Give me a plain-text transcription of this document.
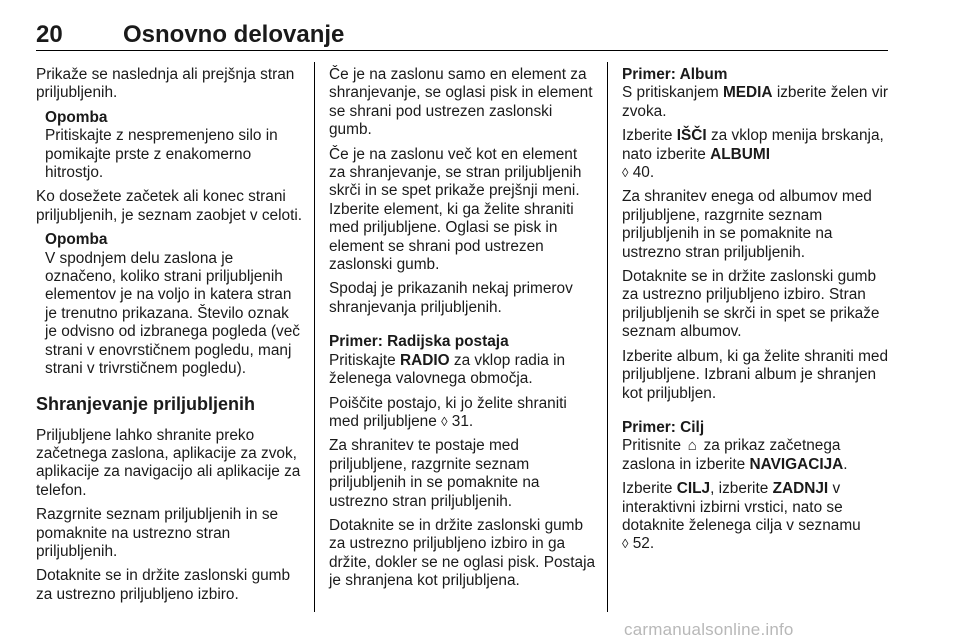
20	Osnovno delovanje

Prikaže se naslednja ali prejšnja stran priljubljenih.

Opomba
Pritiskajte z nespremenjeno silo in pomikajte prste z enakomerno hitrostjo.

Ko dosežete začetek ali konec strani priljubljenih, je seznam zaobjet v celoti.

Opomba
V spodnjem delu zaslona je označeno, koliko strani priljubljenih elementov je na voljo in katera stran je trenutno prikazana. Število oznak je odvisno od izbranega pogleda (več strani v enovrstičnem pogledu, manj strani v trivrstičnem pogledu).
Shranjevanje priljubljenih

Priljubljene lahko shranite preko začetnega zaslona, aplikacije za zvok, aplikacije za navigacijo ali aplikacije za telefon.

Razgrnite seznam priljubljenih in se pomaknite na ustrezno stran priljubljenih.

Dotaknite se in držite zaslonski gumb za ustrezno priljubljeno izbiro.

Če je na zaslonu samo en element za shranjevanje, se oglasi pisk in element se shrani pod ustrezen zaslonski gumb.

Če je na zaslonu več kot en element za shranjevanje, se stran priljubljenih skrči in se spet prikaže prejšnji meni. Izberite element, ki ga želite shraniti med priljubljene. Oglasi se pisk in element se shrani pod ustrezen zaslonski gumb.

Spodaj je prikazanih nekaj primerov shranjevanja priljubljenih.

Primer: Radijska postaja

Pritiskajte RADIO za vklop radia in želenega valovnega območja.

Poiščite postajo, ki jo želite shraniti med priljubljene ◊ 31.

Za shranitev te postaje med priljubljene, razgrnite seznam priljubljenih in se pomaknite na ustrezno stran priljubljenih.

Dotaknite se in držite zaslonski gumb za ustrezno priljubljeno izbiro in ga držite, dokler se ne oglasi pisk. Postaja je shranjena kot priljubljena.

Primer: Album

S pritiskanjem MEDIA izberite želen vir zvoka.

Izberite IŠČI za vklop menija brskanja, nato izberite ALBUMI
◊ 40.

Za shranitev enega od albumov med priljubljene, razgrnite seznam priljubljenih in se pomaknite na ustrezno stran priljubljenih.

Dotaknite se in držite zaslonski gumb za ustrezno priljubljeno izbiro. Stran priljubljenih se skrči in spet se prikaže seznam albumov.

Izberite album, ki ga želite shraniti med priljubljene. Izbrani album je shranjen kot priljubljen.

Primer: Cilj

Pritisnite ⌂ za prikaz začetnega zaslona in izberite NAVIGACIJA.

Izberite CILJ, izberite ZADNJI v interaktivni izbirni vrstici, nato se dotaknite želenega cilja v seznamu
◊ 52.

carmanualsonline.info
